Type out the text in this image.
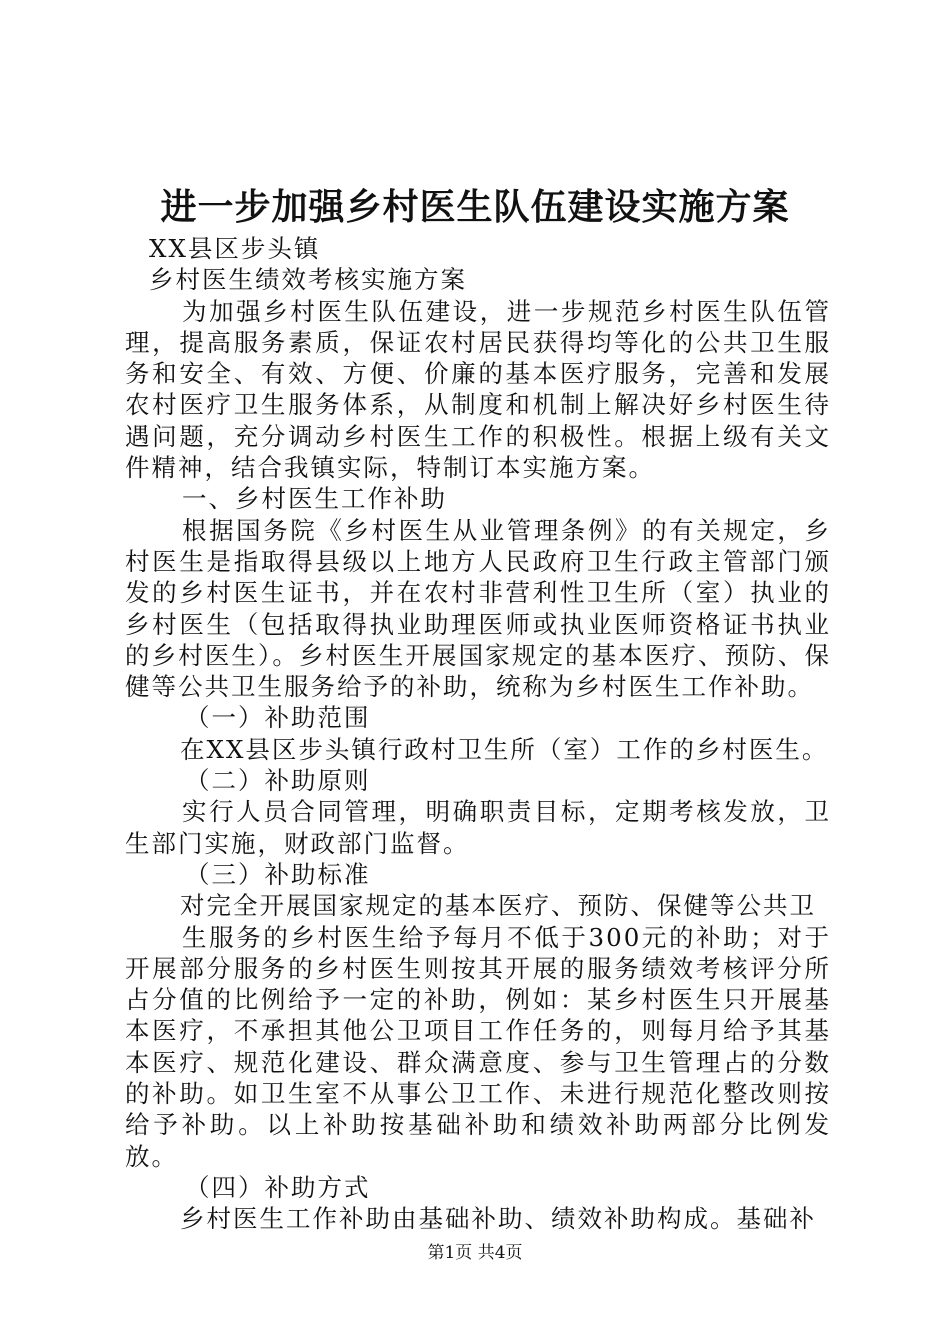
进一步加强乡村医生队伍建设实施方案

XX县区步头镇

乡村医生绩效考核实施方案

为加强乡村医生队伍建设，进一步规范乡村医生队伍管理，提高服务素质，保证农村居民获得均等化的公共卫生服务和安全、有效、方便、价廉的基本医疗服务，完善和发展农村医疗卫生服务体系，从制度和机制上解决好乡村医生待遇问题，充分调动乡村医生工作的积极性。根据上级有关文件精神，结合我镇实际，特制订本实施方案。

一、乡村医生工作补助

根据国务院《乡村医生从业管理条例》的有关规定，乡村医生是指取得县级以上地方人民政府卫生行政主管部门颁发的乡村医生证书，并在农村非营利性卫生所（室）执业的乡村医生（包括取得执业助理医师或执业医师资格证书执业的乡村医生）。乡村医生开展国家规定的基本医疗、预防、保健等公共卫生服务给予的补助，统称为乡村医生工作补助。

（一）补助范围

在XX县区步头镇行政村卫生所（室）工作的乡村医生。

（二）补助原则

实行人员合同管理，明确职责目标，定期考核发放，卫生部门实施，财政部门监督。

（三）补助标准

对完全开展国家规定的基本医疗、预防、保健等公共卫

生服务的乡村医生给予每月不低于300元的补助；对于开展部分服务的乡村医生则按其开展的服务绩效考核评分所占分值的比例给予一定的补助，例如：某乡村医生只开展基本医疗，不承担其他公卫项目工作任务的，则每月给予其基本医疗、规范化建设、群众满意度、参与卫生管理占的分数的补助。如卫生室不从事公卫工作、未进行规范化整改则按给予补助。以上补助按基础补助和绩效补助两部分比例发放。

（四）补助方式

乡村医生工作补助由基础补助、绩效补助构成。基础补

第1页 共4页
